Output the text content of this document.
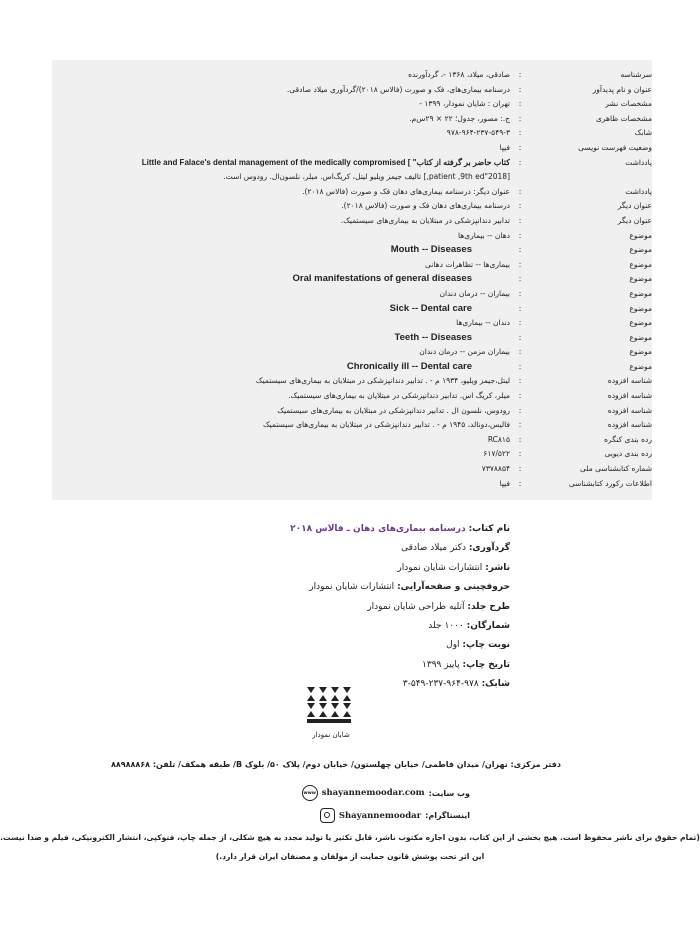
سرشناسه
:
صادقی، میلاد، ۱۳۶۸ -، گردآورنده
عنوان و نام پدیدآور
:
درسنامه بیماری‌های، فک و صورت (فالاس ۲۰۱۸)/گردآوری میلاد صادقی.
مشخصات نشر
:
تهران : شایان نمودار، ۱۳۹۹ -
مشخصات ظاهری
:
ج.: مصور، جدول؛ ۲۲ × ۲۹س‌م.
شابک
:
۹۷۸-۹۶۴-۲۳۷-۵۴۹-۳
وضعیت فهرست نویسی
:
فیپا
یادداشت
:
Little and Falace's dental management of the medically compromised [ "کتاب حاضر بر گرفته از کتاب
[2018"patient ,9th ed,] تالیف جیمز ویلیو لیتل، کریگ‌اس. میلر، نلسون‌ال. رودوس است.
یادداشت
:
عنوان دیگر: درسنامه بیماری‌های دهان فک و صورت (فالاس ۲۰۱۸).
عنوان دیگر
:
درسنامه بیماری‌های دهان فک و صورت (فالاس ۲۰۱۸).
عنوان دیگر
:
تدابیر دندانپزشکی در مبتلایان به بیماری‌های سیستمیک.
موضوع
:
دهان -- بیماری‌ها
موضوع
:
Mouth -- Diseases
موضوع
:
بیماری‌ها -- تظاهرات دهانی
موضوع
:
Oral manifestations of general diseases
موضوع
:
بیماران -- درمان دندان
موضوع
:
Sick -- Dental care
موضوع
:
دندان -- بیماری‌ها
موضوع
:
Teeth -- Diseases
موضوع
:
بیماران مزمن -- درمان دندان
موضوع
:
Chronically ill -- Dental care
شناسه افزوده
:
لیتل،جیمز ویلیو، ۱۹۳۴ م - . تدابیر دندانپزشکی در مبتلایان به بیماری‌های سیستمیک
شناسه افزوده
:
میلر، کریگ اس. تدابیر دندانپزشکی در مبتلایان به بیماری‌های سیستمیک.
شناسه افزوده
:
رودوس، نلسون ال . تدابیر دندانپزشکی در مبتلایان به بیماری‌های سیستمیک
شناسه افزوده
:
فالیس،دونالد، ۱۹۴۵ م - . تدابیر دندانپزشکی در مبتلایان به بیماری‌های سیستمیک
رده بندی کنگره
:
RC۸۱۵
رده بندی دیویی
:
۶۱۷/۵۲۲
شماره کتابشناسی ملی
:
۷۳۷۸۸۵۴
اطلاعات رکورد کتابشناسی
:
فیپا
نام کتاب: درسنامه بیماری‌های دهان ـ فالاس ۲۰۱۸
گردآوری: دکتر میلاد صادقی
ناشر: انتشارات شایان نمودار
حروفچینی و صفحه‌آرایی: انتشارات شایان نمودار
طرح جلد: آتلیه طراحی شایان نمودار
شمارگان: ۱۰۰۰ جلد
نوبت چاپ: اول
تاریخ چاپ: پاییز ۱۳۹۹
شابک: ۹۷۸-۹۶۴-۲۳۷-۵۴۹-۳
شایان نمودار
دفتر مرکزی: تهران/ میدان فاطمی/ خیابان چهلستون/ خیابان دوم/ پلاک ۵۰/ بلوک B/ طبقه همکف/ تلفن: ۸۸۹۸۸۸۶۸
وب سایت:
shayannemoodar.com
www
اینستاگرام:
Shayannemoodar
(تمام حقوق برای ناشر محفوظ است. هیچ بخشی از این کتاب، بدون اجازه مکتوب ناشر، قابل تکثیر یا تولید مجدد به هیچ شکلی، از جمله چاپ، فتوکپی، انتشار الکترونیکی، فیلم و صدا نیست.
این اثر تحت پوشش قانون حمایت از مولفان و مصنفان ایران قرار دارد.)
